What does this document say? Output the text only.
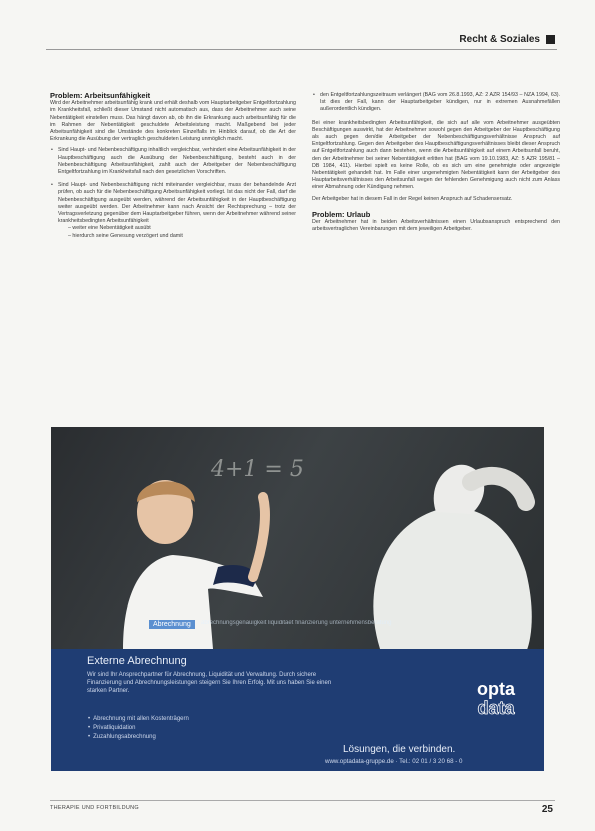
Recht & Soziales
Problem: Arbeitsunfähigkeit

Wird der Arbeitnehmer arbeitsunfähig krank und erhält deshalb vom Hauptarbeitgeber Entgeltfortzahlung im Krankheitsfall, schließt dieser Umstand nicht automatisch aus, dass der Arbeitnehmer auch seine Nebentätigkeit einstellen muss. Das hängt davon ab, ob ihn die Erkrankung auch arbeitsunfähig für die im Rahmen der Nebentätigkeit geschuldete Arbeitsleistung macht. Maßgebend bei jeder Arbeitsunfähigkeit sind die Umstände des konkreten Einzelfalls im Hinblick darauf, ob die Art der Erkrankung die Ausübung der vertraglich geschuldeten Leistung unmöglich macht.

• Sind Haupt- und Nebenbeschäftigung inhaltlich vergleichbar, verhindert eine Arbeitsunfähigkeit in der Hauptbeschäftigung auch die Ausübung der Nebenbeschäftigung, besteht auch in der Nebenbeschäftigung Arbeitsunfähigkeit, zahlt auch der Arbeitgeber der Nebenbeschäftigung Entgeltfortzahlung im Krankheitsfall nach den gesetzlichen Vorschriften.
• Sind Haupt- und Nebenbeschäftigung nicht miteinander vergleichbar, muss der behandelnde Arzt prüfen, ob auch für die Nebenbeschäftigung Arbeitsunfähigkeit vorliegt. Ist das nicht der Fall, darf die Nebenbeschäftigung ausgeübt werden, während der Arbeitsunfähigkeit in der Hauptbeschäftigung weiter ausgeübt werden. Der Arbeitnehmer kann nach Ansicht der Rechtsprechung – trotz der Vertragsverletzung gegenüber dem Hauptarbeitgeber führen, wenn der Arbeitnehmer während seiner krankheitsbedingten Arbeitsunfähigkeit
– weiter eine Nebentätigkeit ausübt
– hierdurch seine Genesung verzögert und damit
• den Entgeltfortzahlungszeitraum verlängert (BAG vom 26.8.1993, AZ: 2 AZR 154/93 – NZA 1994, 63). Ist dies der Fall, kann der Hauptarbeitgeber kündigen, nur in extremen Ausnahmefällen außerordentlich kündigen.

Bei einer krankheitsbedingten Arbeitsunfähigkeit, die sich auf alle vom Arbeitnehmer ausgeübten Beschäftigungen auswirkt, hat der Arbeitnehmer sowohl gegen den Arbeitgeber der Hauptbeschäftigung als auch gegen den/die Arbeitgeber der Nebenbeschäftigungsverhältnisse Anspruch auf Entgeltfortzahlung. Gegen den Arbeitgeber des Hauptbeschäftigungsverhältnisses bleibt dieser Anspruch auf Entgeltfortzahlung auch dann bestehen, wenn die Arbeitsunfähigkeit auf einem Arbeitsunfall beruht, den der Arbeitnehmer bei seiner Nebentätigkeit erlitten hat (BAG vom 19.10.1983, AZ: 5 AZR 195/81 – DB 1984, 411). Hierbei spielt es keine Rolle, ob es sich um eine genehmigte oder angezeigte Nebentätigkeit gehandelt hat. Im Falle einer ungenehmigten Nebentätigkeit kann der Arbeitgeber des Hauptarbeitsverhältnisses den Arbeitsunfall wegen der fehlenden Genehmigung auch nicht zum Anlass einer Abmahnung oder Kündigung nehmen.

Der Arbeitgeber hat in diesem Fall in der Regel keinen Anspruch auf Schadensersatz.

Problem: Urlaub

Der Arbeitnehmer hat in beiden Arbeitsverhältnissen einen Urlaubsanspruch entsprechend den arbeitsvertraglichen Vereinbarungen mit dem jeweiligen Arbeitgeber.

4+1 = 5
Abrechnung	abrechnungsgenauigkeit liquiditaet finanzierung unternehmensberatung
Externe Abrechnung
Wir sind Ihr Ansprechpartner für Abrechnung, Liquidität und Verwaltung. Durch sichere Finanzierung und Abrechnungsleistungen steigern Sie Ihren Erfolg. Mit uns haben Sie einen starken Partner.
• Abrechnung mit allen Kostenträgern
• Privatliquidation
• Zuzahlungsabrechnung
opta
data
Lösungen, die verbinden.
www.optadata-gruppe.de · Tel.: 02 01 / 3 20 68 - 0
THERAPIE UND FORTBILDUNG	25
